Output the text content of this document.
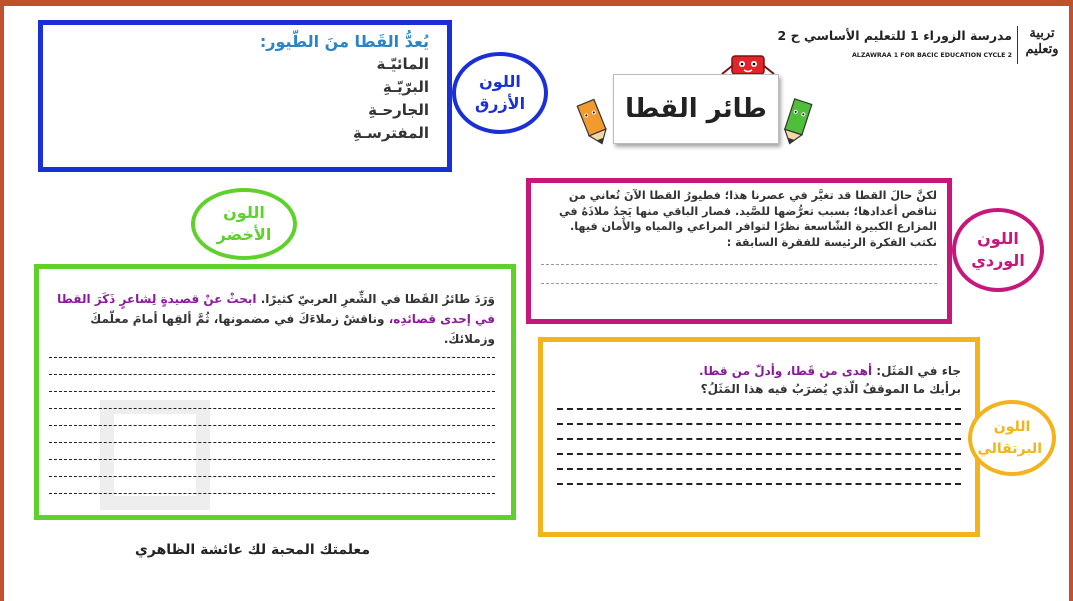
تربية وتعليم
مدرسة الزوراء 1 للتعليم الأساسي ح 2
ALZAWRAA 1 FOR BACIC EDUCATION CYCLE 2
طائر القطا
يُعدُّ القَطا منَ الطّيور:
المائيّـة
البرّيّـةِ
الجارحـةِ
المفترسـةِ
اللون الأزرق
اللون الأخضر
لكنَّ حالَ القطا قد تغيَّر في عصرنا هذا؛ فطيورُ القطا الآنَ تُعاني من تناقص أعدادها؛ بسبب تعرُّضها للصَّيد. فصار الباقي منها يَجِدُ ملاذَهُ في المزارع الكبيرة الشّاسعة نظرًا لتوافر المراعي والمياه والأمان فيها.
نكتب الفكرة الرئيسة للفقرة السابقة :	اللون الوردي
وَرَدَ طائرُ القَطا في الشِّعرِ العربيّ كثيرًا. ابحثْ عنْ قصيدةٍ لِشاعرٍ ذَكَرَ القطا في إحدى قصائدِه، وناقشْ زملاءَكَ في مضمونها، ثُمَّ ألقِها أمامَ معلّمكَ وزملائكَ.
جاء في المَثَل: أهدى من قَطا، وأدلّ من قطا.
برأيك ما الموقفُ الّذي يُضرَبُ فيه هذا المَثَلُ؟
اللون البرتقالي
معلمتك المحبة لك عائشة الظاهري
